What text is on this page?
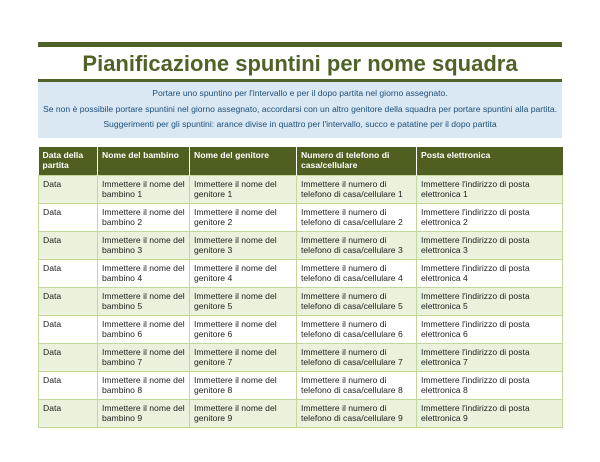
Pianificazione spuntini per nome squadra
Portare uno spuntino per l'intervallo e per il dopo partita nel giorno assegnato.
Se non è possibile portare spuntini nel giorno assegnato, accordarsi con un altro genitore della squadra per portare spuntini alla partita.
Suggerimenti per gli spuntini: arance divise in quattro per l'intervallo, succo e patatine per il dopo partita
Data della partita	Nome del bambino	Nome del genitore	Numero di telefono di casa/cellulare	Posta elettronica
Data	Immettere il nome del bambino 1	Immettere il nome del genitore 1	Immettere il numero di telefono di casa/cellulare 1	Immettere l'indirizzo di posta elettronica 1
Data	Immettere il nome del bambino 2	Immettere il nome del genitore 2	Immettere il numero di telefono di casa/cellulare 2	Immettere l'indirizzo di posta elettronica 2
Data	Immettere il nome del bambino 3	Immettere il nome del genitore 3	Immettere il numero di telefono di casa/cellulare 3	Immettere l'indirizzo di posta elettronica 3
Data	Immettere il nome del bambino 4	Immettere il nome del genitore 4	Immettere il numero di telefono di casa/cellulare 4	Immettere l'indirizzo di posta elettronica 4
Data	Immettere il nome del bambino 5	Immettere il nome del genitore 5	Immettere il numero di telefono di casa/cellulare 5	Immettere l'indirizzo di posta elettronica 5
Data	Immettere il nome del bambino 6	Immettere il nome del genitore 6	Immettere il numero di telefono di casa/cellulare 6	Immettere l'indirizzo di posta elettronica 6
Data	Immettere il nome del bambino 7	Immettere il nome del genitore 7	Immettere il numero di telefono di casa/cellulare 7	Immettere l'indirizzo di posta elettronica 7
Data	Immettere il nome del bambino 8	Immettere il nome del genitore 8	Immettere il numero di telefono di casa/cellulare 8	Immettere l'indirizzo di posta elettronica 8
Data	Immettere il nome del bambino 9	Immettere il nome del genitore 9	Immettere il numero di telefono di casa/cellulare 9	Immettere l'indirizzo di posta elettronica 9
